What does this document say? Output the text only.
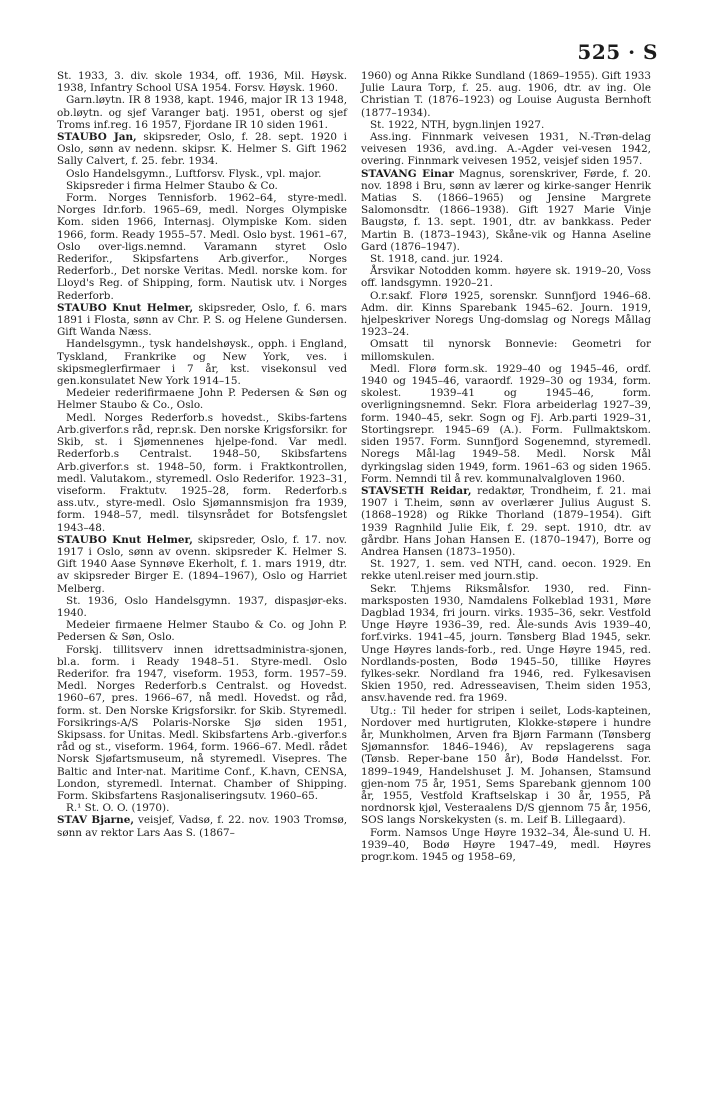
525 · S

St. 1933, 3. div. skole 1934, off. 1936, Mil. Høysk. 1938, Infantry School USA 1954. Forsv. Høysk. 1960.

Garn.løytn. IR 8 1938, kapt. 1946, major IR 13 1948, ob.løytn. og sjef Varanger batj. 1951, oberst og sjef Troms inf.reg. 16 1957, Fjordane IR 10 siden 1961.

STAUBO Jan, skipsreder, Oslo, f. 28. sept. 1920 i Oslo, sønn av nedenn. skipsr. K. Helmer S. Gift 1962 Sally Calvert, f. 25. febr. 1934.

Oslo Handelsgymn., Luftforsv. Flysk., vpl. major.

Skipsreder i firma Helmer Staubo & Co.

Form. Norges Tennisforb. 1962–64, styre-medl. Norges Idr.forb. 1965–69, medl. Norges Olympiske Kom. siden 1966, Internasj. Olympiske Kom. siden 1966, form. Ready 1955–57. Medl. Oslo byst. 1961–67, Oslo over-ligs.nemnd. Varamann styret Oslo Rederifor., Skipsfartens Arb.giverfor., Norges Rederforb., Det norske Veritas. Medl. norske kom. for Lloyd's Reg. of Shipping, form. Nautisk utv. i Norges Rederforb.

STAUBO Knut Helmer, skipsreder, Oslo, f. 6. mars 1891 i Flosta, sønn av Chr. P. S. og Helene Gundersen. Gift Wanda Næss.

Handelsgymn., tysk handelshøysk., opph. i England, Tyskland, Frankrike og New York, ves. i skipsmeglerfirmaer i 7 år, kst. visekonsul ved gen.konsulatet New York 1914–15.

Medeier rederifirmaene John P. Pedersen & Søn og Helmer Staubo & Co., Oslo.

Medl. Norges Rederforb.s hovedst., Skibs-fartens Arb.giverfor.s råd, repr.sk. Den norske Krigsforsikr. for Skib, st. i Sjømennenes hjelpe-fond. Var medl. Rederforb.s Centralst. 1948–50, Skibsfartens Arb.giverfor.s st. 1948–50, form. i Fraktkontrollen, medl. Valutakom., styremedl. Oslo Rederifor. 1923–31, viseform. Fraktutv. 1925–28, form. Rederforb.s ass.utv., styre-medl. Oslo Sjømannsmisjon fra 1939, form. 1948–57, medl. tilsynsrådet for Botsfengslet 1943–48.

STAUBO Knut Helmer, skipsreder, Oslo, f. 17. nov. 1917 i Oslo, sønn av ovenn. skipsreder K. Helmer S. Gift 1940 Aase Synnøve Ekerholt, f. 1. mars 1919, dtr. av skipsreder Birger E. (1894–1967), Oslo og Harriet Melberg.

St. 1936, Oslo Handelsgymn. 1937, dispasjør-eks. 1940.

Medeier firmaene Helmer Staubo & Co. og John P. Pedersen & Søn, Oslo.

Forskj. tillitsverv innen idrettsadministra-sjonen, bl.a. form. i Ready 1948–51. Styre-medl. Oslo Rederifor. fra 1947, viseform. 1953, form. 1957–59. Medl. Norges Rederforb.s Centralst. og Hovedst. 1960–67, pres. 1966–67, nå medl. Hovedst. og råd, form. st. Den Norske Krigsforsikr. for Skib. Styremedl. Forsikrings-A/S Polaris-Norske Sjø siden 1951, Skipsass. for Unitas. Medl. Skibsfartens Arb.-giverfor.s råd og st., viseform. 1964, form. 1966–67. Medl. rådet Norsk Sjøfartsmuseum, nå styremedl. Visepres. The Baltic and Inter-nat. Maritime Conf., K.havn, CENSA, London, styremedl. Internat. Chamber of Shipping. Form. Skibsfartens Rasjonaliseringsutv. 1960–65.

R.¹ St. O. O. (1970).

STAV Bjarne, veisjef, Vadsø, f. 22. nov. 1903 Tromsø, sønn av rektor Lars Aas S. (1867–

1960) og Anna Rikke Sundland (1869–1955). Gift 1933 Julie Laura Torp, f. 25. aug. 1906, dtr. av ing. Ole Christian T. (1876–1923) og Louise Augusta Bernhoft (1877–1934).

St. 1922, NTH, bygn.linjen 1927.

Ass.ing. Finnmark veivesen 1931, N.-Trøn-delag veivesen 1936, avd.ing. A.-Agder vei-vesen 1942, overing. Finnmark veivesen 1952, veisjef siden 1957.

STAVANG Einar Magnus, sorenskriver, Førde, f. 20. nov. 1898 i Bru, sønn av lærer og kirke-sanger Henrik Matias S. (1866–1965) og Jensine Margrete Salomonsdtr. (1866–1938). Gift 1927 Marie Vinje Baugstø, f. 13. sept. 1901, dtr. av bankkass. Peder Martin B. (1873–1943), Skåne-vik og Hanna Aseline Gard (1876–1947).

St. 1918, cand. jur. 1924.

Årsvikar Notodden komm. høyere sk. 1919–20, Voss off. landsgymn. 1920–21.

O.r.sakf. Florø 1925, sorenskr. Sunnfjord 1946–68. Adm. dir. Kinns Sparebank 1945–62. Journ. 1919, hjelpeskriver Noregs Ung-domslag og Noregs Mållag 1923–24.

Omsatt til nynorsk Bonnevie: Geometri for millomskulen.

Medl. Florø form.sk. 1929–40 og 1945–46, ordf. 1940 og 1945–46, varaordf. 1929–30 og 1934, form. skolest. 1939–41 og 1945–46, form. overligningsnemnd. Sekr. Flora arbeiderlag 1927–39, form. 1940–45, sekr. Sogn og Fj. Arb.parti 1929–31, Stortingsrepr. 1945–69 (A.). Form. Fullmaktskom. siden 1957. Form. Sunnfjord Sogenemnd, styremedl. Noregs Mål-lag 1949–58. Medl. Norsk Mål dyrkingslag siden 1949, form. 1961–63 og siden 1965. Form. Nemndi til å rev. kommunalvalgloven 1960.

STAVSETH Reidar, redaktør, Trondheim, f. 21. mai 1907 i T.heim, sønn av overlærer Julius August S. (1868–1928) og Rikke Thorland (1879–1954). Gift 1939 Ragnhild Julie Eik, f. 29. sept. 1910, dtr. av gårdbr. Hans Johan Hansen E. (1870–1947), Borre og Andrea Hansen (1873–1950).

St. 1927, 1. sem. ved NTH, cand. oecon. 1929. En rekke utenl.reiser med journ.stip.

Sekr. T.hjems Riksmålsfor. 1930, red. Finn-marksposten 1930, Namdalens Folkeblad 1931, Møre Dagblad 1934, fri journ. virks. 1935–36, sekr. Vestfold Unge Høyre 1936–39, red. Åle-sunds Avis 1939–40, forf.virks. 1941–45, journ. Tønsberg Blad 1945, sekr. Unge Høyres lands-forb., red. Unge Høyre 1945, red. Nordlands-posten, Bodø 1945–50, tillike Høyres fylkes-sekr. Nordland fra 1946, red. Fylkesavisen Skien 1950, red. Adresseavisen, T.heim siden 1953, ansv.havende red. fra 1969.

Utg.: Til heder for stripen i seilet, Lods-kapteinen, Nordover med hurtigruten, Klokke-støpere i hundre år, Munkholmen, Arven fra Bjørn Farmann (Tønsberg Sjømannsfor. 1846–1946), Av repslagerens saga (Tønsb. Reper-bane 150 år), Bodø Handelsst. For. 1899–1949, Handelshuset J. M. Johansen, Stamsund gjen-nom 75 år, 1951, Sems Sparebank gjennom 100 år, 1955, Vestfold Kraftselskap i 30 år, 1955, På nordnorsk kjøl, Vesteraalens D/S gjennom 75 år, 1956, SOS langs Norskekysten (s. m. Leif B. Lillegaard).

Form. Namsos Unge Høyre 1932–34, Åle-sund U. H. 1939–40, Bodø Høyre 1947–49, medl. Høyres progr.kom. 1945 og 1958–69,
